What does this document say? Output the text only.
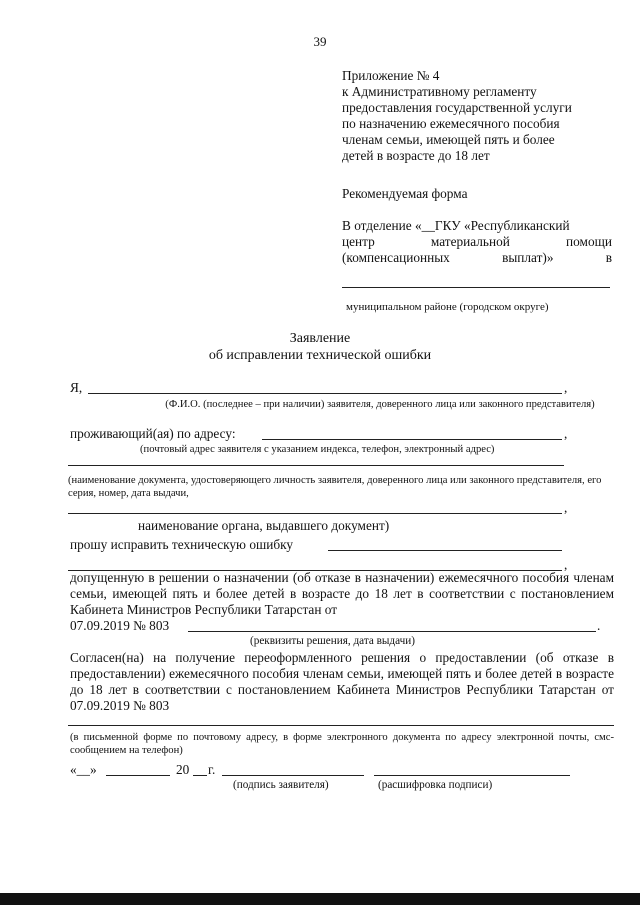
39
Приложение № 4
к Административному регламенту
предоставления государственной услуги
по назначению ежемесячного пособия
членам семьи, имеющей пять и более
детей в возрасте до 18 лет
Рекомендуемая форма
В отделение «__ГКУ «Республиканский
центр	материальной	помощи
(компенсационных	выплат)»	в
муниципальном районе (городском округе)
Заявление
об исправлении технической ошибки
Я,	,
(Ф.И.О. (последнее – при наличии) заявителя, доверенного лица или законного представителя)
проживающий(ая) по адресу:	,
(почтовый адрес заявителя с указанием индекса, телефон, электронный адрес)
(наименование документа, удостоверяющего личность заявителя, доверенного лица или законного представителя, его серия, номер, дата выдачи,
,
наименование органа, выдавшего документ)
прошу исправить техническую ошибку
,
допущенную в решении о назначении (об отказе в назначении) ежемесячного пособия членам семьи, имеющей пять и более детей в возрасте до 18 лет в соответствии с постановлением Кабинета Министров Республики Татарстан от
07.09.2019 № 803	.
(реквизиты решения, дата выдачи)
Согласен(на) на получение переоформленного решения о предоставлении (об отказе в предоставлении) ежемесячного пособия членам семьи, имеющей пять и более детей в возрасте до 18 лет в соответствии с постановлением Кабинета Министров Республики Татарстан от 07.09.2019 № 803
(в письменной форме по почтовому адресу, в форме электронного документа по адресу электронной почты, смс-сообщением на телефон)
«__»	20 г.
(подпись заявителя)	(расшифровка подписи)
